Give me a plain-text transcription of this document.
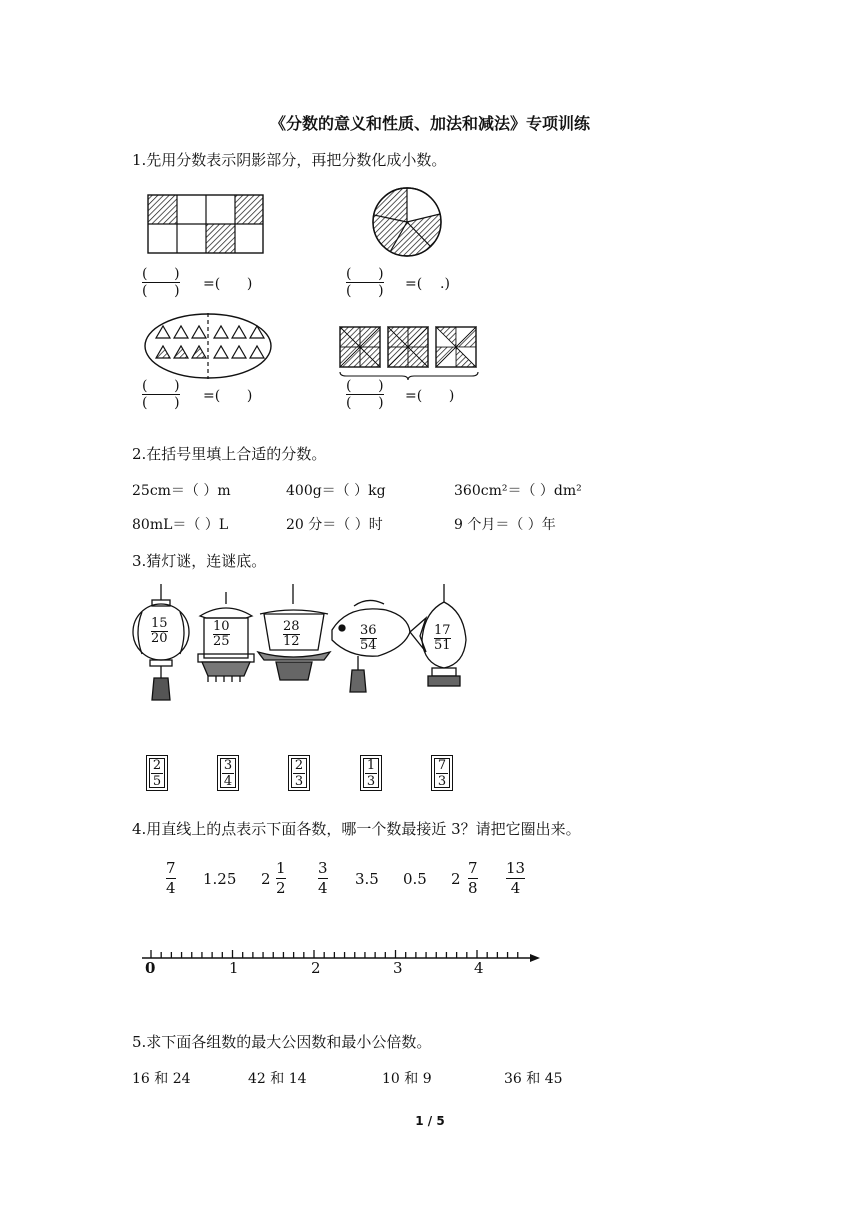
《分数的意义和性质、加法和减法》专项训练
1.先用分数表示阴影部分，再把分数化成小数。
(      )
(      ) =(      )
(      )
(      ) =(    .)
(      )
(      ) =(      )
(      )
(      ) =(      )
2.在括号里填上合适的分数。
25cm＝（ ）m	400g＝（ ）kg	360cm²＝（ ）dm²
80mL＝（ ）L	20 分＝（ ）时	9 个月＝（ ）年
3.猜灯谜，连谜底。
15
20
10
25
28
12
36
54
17
51
2
5
3
4
2
3
1
3
7
3
4.用直线上的点表示下面各数，哪一个数最接近 3？请把它圈出来。
7
4 1.25 2
1
2
3
4 3.5 0.5 2
7
8
13
4
0	1	2	3	4
5.求下面各组数的最大公因数和最小公倍数。
16 和 24	42 和 14	10 和 9	36 和 45
1 / 5
